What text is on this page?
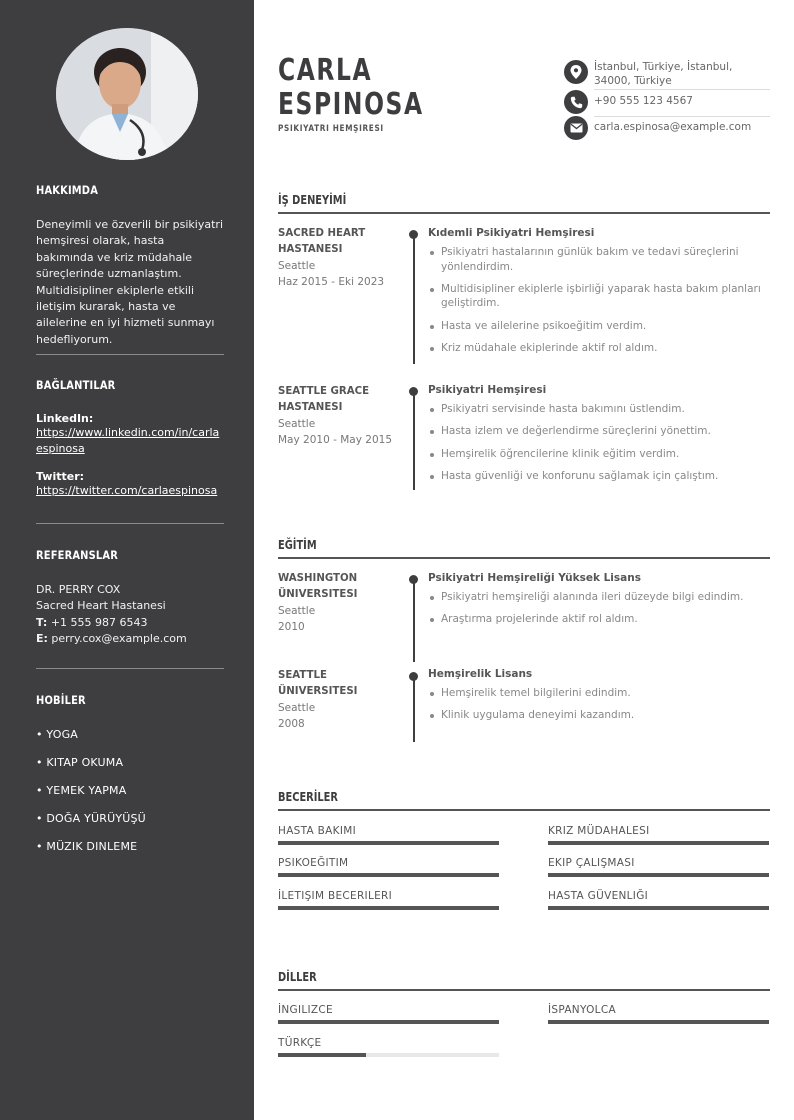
HAKKIMDA
Deneyimli ve özverili bir psikiyatri hemşiresi olarak, hasta bakımında ve kriz müdahale süreçlerinde uzmanlaştım. Multidisipliner ekiplerle etkili iletişim kurarak, hasta ve ailelerine en iyi hizmeti sunmayı hedefliyorum.
BAĞLANTILAR
LinkedIn:
https://www.linkedin.com/in/carlaespinosa
Twitter:
https://twitter.com/carlaespinosa
REFERANSLAR
DR. PERRY COX
Sacred Heart Hastanesi
T: +1 555 987 6543
E: perry.cox@example.com
HOBİLER
• YOGA
• KITAP OKUMA
• YEMEK YAPMA
• DOĞA YÜRÜYÜŞÜ
• MÜZIK DINLEME
CARLA
ESPINOSA
PSIKIYATRI HEMŞIRESI
İstanbul, Türkiye, İstanbul, 34000, Türkiye
+90 555 123 4567
carla.espinosa@example.com
İŞ DENEYİMİ
SACRED HEART HASTANESI
Seattle
Haz 2015 - Eki 2023
Kıdemli Psikiyatri Hemşiresi
Psikiyatri hastalarının günlük bakım ve tedavi süreçlerini yönlendirdim.
Multidisipliner ekiplerle işbirliği yaparak hasta bakım planları geliştirdim.
Hasta ve ailelerine psikoeğitim verdim.
Kriz müdahale ekiplerinde aktif rol aldım.
SEATTLE GRACE HASTANESI
Seattle
May 2010 - May 2015
Psikiyatri Hemşiresi
Psikiyatri servisinde hasta bakımını üstlendim.
Hasta izlem ve değerlendirme süreçlerini yönettim.
Hemşirelik öğrencilerine klinik eğitim verdim.
Hasta güvenliği ve konforunu sağlamak için çalıştım.
EĞİTİM
WASHINGTON ÜNIVERSITESI
Seattle
2010
Psikiyatri Hemşireliği Yüksek Lisans
Psikiyatri hemşireliği alanında ileri düzeyde bilgi edindim.
Araştırma projelerinde aktif rol aldım.
SEATTLE ÜNIVERSITESI
Seattle
2008
Hemşirelik Lisans
Hemşirelik temel bilgilerini edindim.
Klinik uygulama deneyimi kazandım.
BECERİLER
HASTA BAKIMI	KRIZ MÜDAHALESI
PSIKOEĞITIM	EKIP ÇALIŞMASI
İLETIŞIM BECERILERI	HASTA GÜVENLIĞI
DİLLER
İNGILIZCE	İSPANYOLCA
TÜRKÇE
